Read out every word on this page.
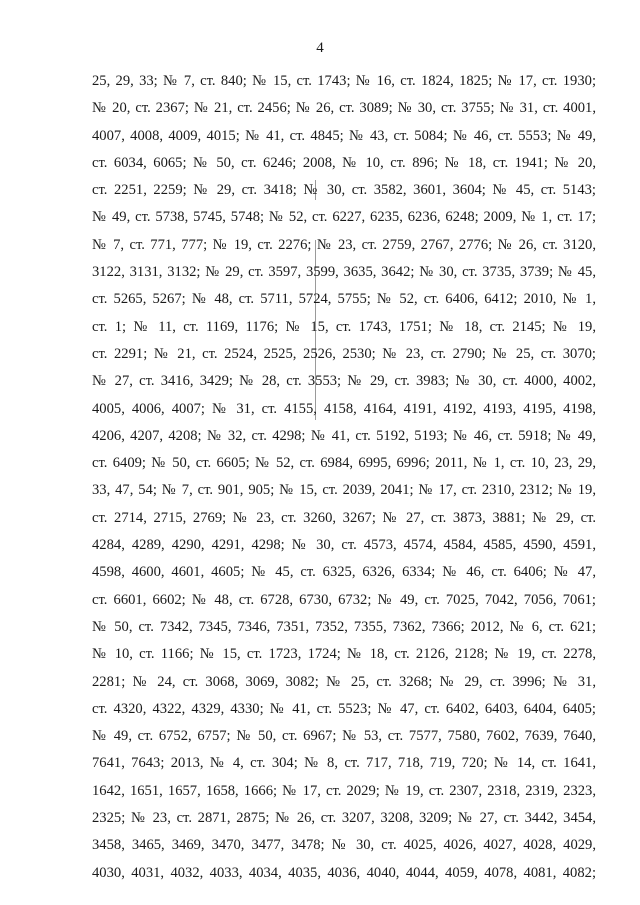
4
25, 29, 33; № 7, ст. 840; № 15, ст. 1743; № 16, ст. 1824, 1825; № 17, ст. 1930;
№ 20, ст. 2367; № 21, ст. 2456; № 26, ст. 3089; № 30, ст. 3755; № 31, ст. 4001,
4007, 4008, 4009, 4015; № 41, ст. 4845; № 43, ст. 5084; № 46, ст. 5553; № 49,
ст. 6034, 6065; № 50, ст. 6246; 2008, № 10, ст. 896; № 18, ст. 1941; № 20,
ст. 2251, 2259; № 29, ст. 3418; № 30, ст. 3582, 3601, 3604; № 45, ст. 5143;
№ 49, ст. 5738, 5745, 5748; № 52, ст. 6227, 6235, 6236, 6248; 2009, № 1, ст. 17;
№ 7, ст. 771, 777; № 19, ст. 2276; № 23, ст. 2759, 2767, 2776; № 26, ст. 3120,
3122, 3131, 3132; № 29, ст. 3597, 3599, 3635, 3642; № 30, ст. 3735, 3739; № 45,
ст. 5265, 5267; № 48, ст. 5711, 5724, 5755; № 52, ст. 6406, 6412; 2010, № 1,
ст. 1; № 11, ст. 1169, 1176; № 15, ст. 1743, 1751; № 18, ст. 2145; № 19,
ст. 2291; № 21, ст. 2524, 2525, 2526, 2530; № 23, ст. 2790; № 25, ст. 3070;
№ 27, ст. 3416, 3429; № 28, ст. 3553; № 29, ст. 3983; № 30, ст. 4000, 4002,
4005, 4006, 4007; № 31, ст. 4155, 4158, 4164, 4191, 4192, 4193, 4195, 4198,
4206, 4207, 4208; № 32, ст. 4298; № 41, ст. 5192, 5193; № 46, ст. 5918; № 49,
ст. 6409; № 50, ст. 6605; № 52, ст. 6984, 6995, 6996; 2011, № 1, ст. 10, 23, 29,
33, 47, 54; № 7, ст. 901, 905; № 15, ст. 2039, 2041; № 17, ст. 2310, 2312; № 19,
ст. 2714, 2715, 2769; № 23, ст. 3260, 3267; № 27, ст. 3873, 3881; № 29, ст.
4284, 4289, 4290, 4291, 4298; № 30, ст. 4573, 4574, 4584, 4585, 4590, 4591,
4598, 4600, 4601, 4605; № 45, ст. 6325, 6326, 6334; № 46, ст. 6406; № 47,
ст. 6601, 6602; № 48, ст. 6728, 6730, 6732; № 49, ст. 7025, 7042, 7056, 7061;
№ 50, ст. 7342, 7345, 7346, 7351, 7352, 7355, 7362, 7366; 2012, № 6, ст. 621;
№ 10, ст. 1166; № 15, ст. 1723, 1724; № 18, ст. 2126, 2128; № 19, ст. 2278,
2281; № 24, ст. 3068, 3069, 3082; № 25, ст. 3268; № 29, ст. 3996; № 31,
ст. 4320, 4322, 4329, 4330; № 41, ст. 5523; № 47, ст. 6402, 6403, 6404, 6405;
№ 49, ст. 6752, 6757; № 50, ст. 6967; № 53, ст. 7577, 7580, 7602, 7639, 7640,
7641, 7643; 2013, № 4, ст. 304; № 8, ст. 717, 718, 719, 720; № 14, ст. 1641,
1642, 1651, 1657, 1658, 1666; № 17, ст. 2029; № 19, ст. 2307, 2318, 2319, 2323,
2325; № 23, ст. 2871, 2875; № 26, ст. 3207, 3208, 3209; № 27, ст. 3442, 3454,
3458, 3465, 3469, 3470, 3477, 3478; № 30, ст. 4025, 4026, 4027, 4028, 4029,
4030, 4031, 4032, 4033, 4034, 4035, 4036, 4040, 4044, 4059, 4078, 4081, 4082;
